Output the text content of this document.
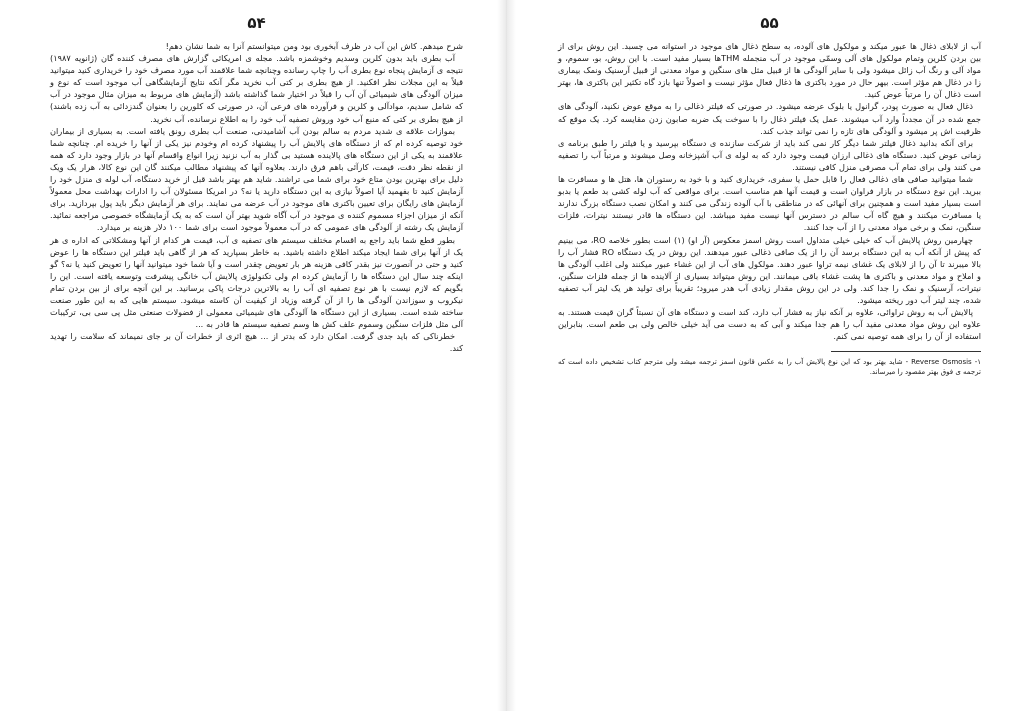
۵۴

شرح میدهم. کاش این آب در ظرف آبخوری بود ومن میتوانستم آنرا به شما نشان دهم!

آب بطری باید بدون کلرین وسدیم وخوشمزه باشد. مجله ی امریکائی گزارش های مصرف کننده گان (ژانویه ۱۹۸۷) نتیجه ی آزمایش پنجاه نوع بطری آب را چاپ رسانده وچنانچه شما علاقمند آب مورد مصرف خود را خریداری کنید میتوانید قبلاً به این مجلات نظر افکنید. از هیچ بطری بر کتی آب نخرید مگر آنکه نتایج آزمایشگاهی آب موجود است که نوع و میزان آلودگی های شیمیائی آن آب را قبلاً در اختیار شما گذاشته باشد (آزمایش های مربوط به میزان مثال موجود در آب که شامل سدیم، موادآلی و کلرین و فرآورده های فرعی آن، در صورتی که کلورین را بعنوان گندزدائی به آب زده باشند) از هیچ بطری بر کتی که منبع آب خود وروش تصفیه آب خود را به اطلاع نرسانده، آب نخرید.

بموازات علاقه ی شدید مردم به سالم بودن آب آشامیدنی، صنعت آب بطری رونق یافته است. به بسیاری از بیماران خود توصیه کرده ام که از دستگاه های پالایش آب را پیشنهاد کرده ام وخودم نیز یکی از آنها را خریده ام. چنانچه شما علاقمند به یکی از این دستگاه های پالاینده هستید بی گذار به آب نزنید زیرا انواع واقسام آنها در بازار وجود دارد که همه از نقطه نظر دقت، قیمت، کارآئی باهم فرق دارند. بعلاوه آنها که پیشنهاد مطالب میکنند گان این نوع کالا، هرار یک ویک دلیل برای بهترین بودن متاع خود برای شما می تراشند. شاید هم بهتر باشد قبل از خرید دستگاه، آب لوله ی منزل خود را آزمایش کنید تا بفهمید آیا اصولاً نیازی به این دستگاه دارید یا نه؟ در امریکا مسئولان آب را ادارات بهداشت محل معمولاً آزمایش های رایگان برای تعیین باکتری های موجود در آب عرضه می نمایند. برای هر آزمایش دیگر باید پول بپردازید. برای آنکه از میزان اجزاء مسموم کننده ی موجود در آب آگاه شوید بهتر آن است که به یک آزمایشگاه خصوصی مراجعه نمائید. آزمایش یک رشته از آلودگی های عمومی که در آب معمولاً موجود است برای شما ۱۰۰ دلار هزینه بر میدارد.

بطور قطع شما باید راجع به اقسام مختلف سیستم های تصفیه ی آب، قیمت هر کدام از آنها ومشکلاتی که اداره ی هر یک از آنها برای شما ایجاد میکند اطلاع داشته باشید. به خاطر بسپارید که هر از گاهی باید فیلتر این دستگاه ها را عوض کنید و حتی در آنصورت نیز بقدر کافی هزینه هر بار تعویض چقدر است و آیا شما خود میتوانید آنها را تعویض کنید یا نه؟ گو اینکه چند سال این دستگاه ها را آزمایش کرده ام ولی تکنولوژی پالایش آب خانگی پیشرفت وتوسعه یافته است. این را بگویم که لازم نیست با هر نوع تصفیه ای آب را به بالاترین درجات پاکی برسانید. بر این آنچه برای از بین بردن تمام نیکروب و سوزاندن آلودگی ها را از آن گرفته وزیاد از کیفیت آن کاسته میشود. سیستم هایی که به این طور صنعت ساخته شده است. بسیاری از این دستگاه ها آلودگی های شیمیائی معمولی از فضولات صنعتی مثل پی سی بی، ترکیبات آلی مثل فلزات سنگین وسموم علف کش ها وسم تصفیه سیستم ها قادر به ...

خطرناکی که باید جدی گرفت. امکان دارد که بدتر از ... هیچ اثری از خطرات آن بر جای نمیماند که سلامت را تهدید کند.

۵۵

آب از لابلای ذغال ها عبور میکند و مولکول های آلوده، به سطح ذغال های موجود در استوانه می چسبد. این روش برای از بین بردن کلرین وتمام مولکول های آلی وسمّی موجود در آب منجمله THMها بسیار مفید است. با این روش، بو، سموم، و مواد آلی و رنگ آب زائل میشود ولی با سایر آلودگی ها از قبیل مثل های سنگین و مواد معدنی از قبیل آرسنیک ونمک بیماری زا در ذغال هم مؤثر است. بیهر حال در مورد باکتری ها ذغال فعال مؤثر نیست و اصولاً تنها بازد گاه تکثیر این باکتری ها، بهتر است ذغال آن را مرتباً عوض کنید.

ذغال فعال به صورت پودر، گرانول یا بلوک عرضه میشود. در صورتی که فیلتر ذغالی را به موقع عوض نکنید، آلودگی های جمع شده در آن مجدداً وارد آب میشوند. عمل یک فیلتر ذغال را با سوخت یک ضربه صابون زدن مقایسه کرد. یک موقع که ظرفیت اش پر میشود و آلودگی های تازه را نمی تواند جذب کند.

برای آنکه بدانید ذغال فیلتر شما دیگر کار نمی کند باید از شرکت سازنده ی دستگاه بپرسید و یا فیلتر را طبق برنامه ی زمانی عوض کنید. دستگاه های ذغالی ارزان قیمت وجود دارد که به لوله ی آب آشپزخانه وصل میشوند و مرتباً آب را تصفیه می کنند ولی برای تمام آب مصرفی منزل کافی نیستند.

شما میتوانید صافی های ذغالی فعال را قابل حمل یا سفری، خریداری کنید و با خود به رستوران ها، هتل ها و مسافرت ها ببرید. این نوع دستگاه در بازار فراوان است و قیمت آنها هم مناسب است. برای مواقعی که آب لوله کشی بد طعم یا بدبو است بسیار مفید است و همچنین برای آنهائی که در مناطقی با آب آلوده زندگی می کنند و امکان نصب دستگاه بزرگ ندارند یا مسافرت میکنند و هیچ گاه آب سالم در دسترس آنها نیست مفید میباشد. این دستگاه ها قادر نیستند نیترات، فلزات سنگین، نمک و برخی مواد معدنی را از آب جدا کنند.

چهارمین روش پالایش آب که خیلی خیلی متداول است روش اسمز معکوس (آر او) (۱) است بطور خلاصه RO، می بینیم که پیش از آنکه آب به این دستگاه برسد آن را از یک صافی ذغالی عبور میدهند. این روش در یک دستگاه RO فشار آب را بالا میبرند تا آن را از لابلای یک غشای نیمه تراوا عبور دهند. مولکول های آب از این غشاء عبور میکنند ولی اغلب آلودگی ها و املاح و مواد معدنی و باکتری ها پشت غشاء باقی میمانند. این روش میتواند بسیاری از آلاینده ها از جمله فلزات سنگین، نیترات، آرسنیک و نمک را جدا کند. ولی در این روش مقدار زیادی آب هدر میرود؛ تقریباً برای تولید هر یک لیتر آب تصفیه شده، چند لیتر آب دور ریخته میشود.

پالایش آب به روش تراوائی، علاوه بر آنکه نیاز به فشار آب دارد، کند است و دستگاه های آن نسبتاً گران قیمت هستند. به علاوه این روش مواد معدنی مفید آب را هم جدا میکند و آبی که به دست می آید خیلی خالص ولی بی طعم است. بنابراین استفاده از آن را برای همه توصیه نمی کنم.

۱- Reverse Osmosis - شاید بهتر بود که این نوع پالایش آب را به عکس قانون اسمز ترجمه میشد ولی مترجم کتاب تشخیص داده است که ترجمه ی فوق بهتر مقصود را میرساند.
